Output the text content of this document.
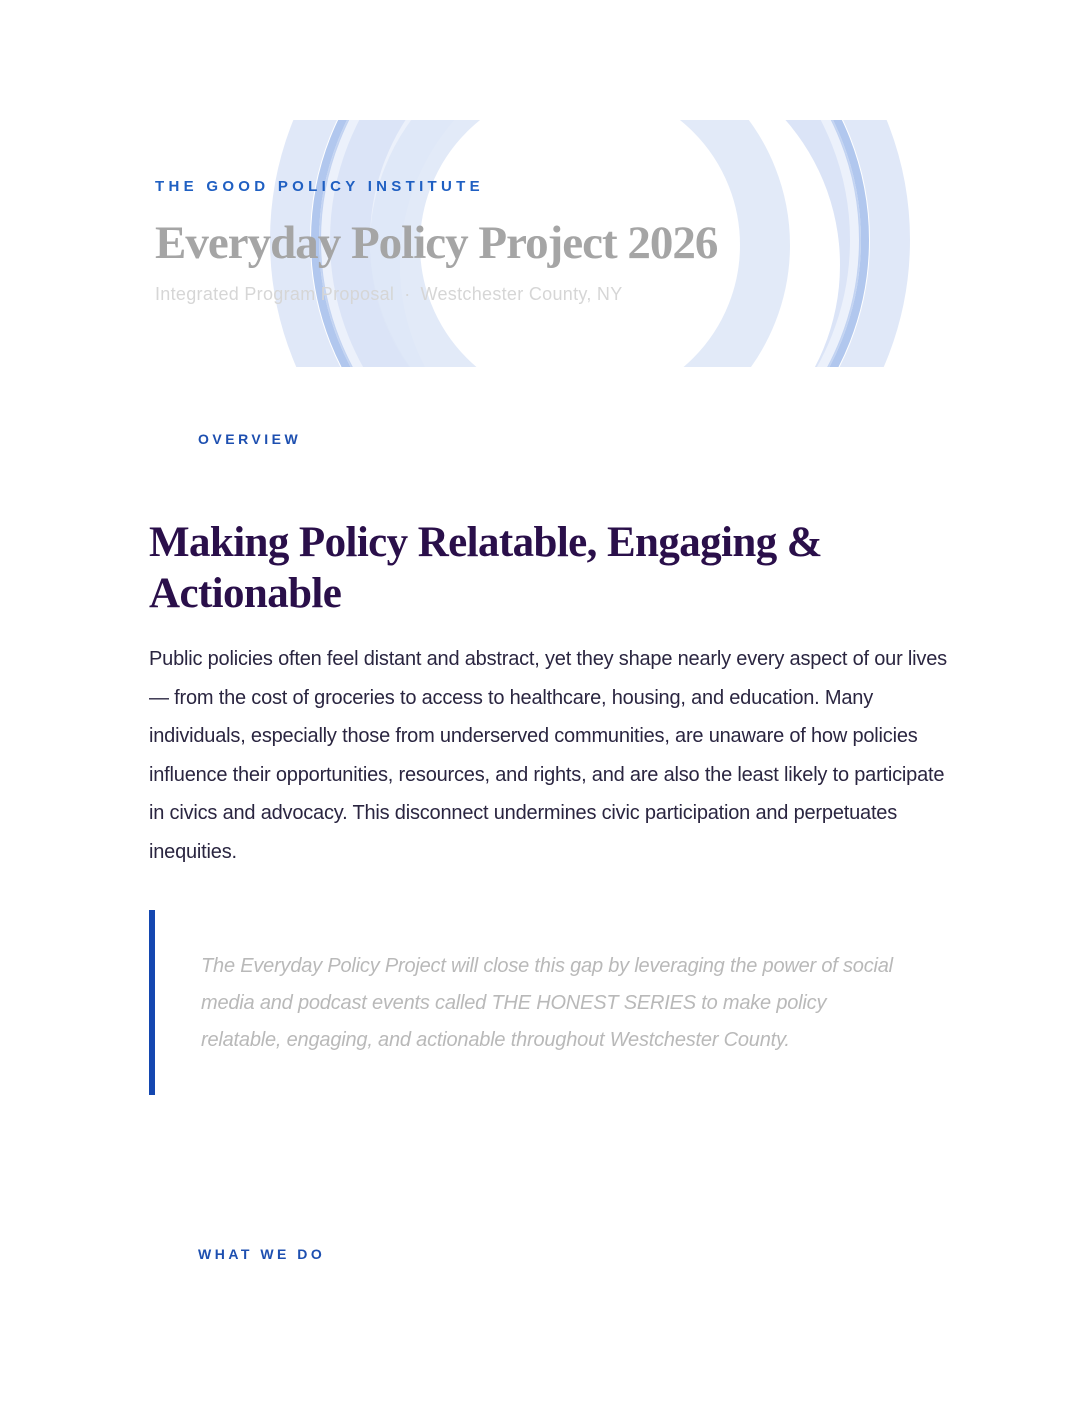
THE GOOD POLICY INSTITUTE
Everyday Policy Project 2026
Integrated Program Proposal · Westchester County, NY
OVERVIEW
Making Policy Relatable, Engaging & Actionable

Public policies often feel distant and abstract, yet they shape nearly every aspect of our lives — from the cost of groceries to access to healthcare, housing, and education. Many individuals, especially those from underserved communities, are unaware of how policies influence their opportunities, resources, and rights, and are also the least likely to participate in civics and advocacy. This disconnect undermines civic participation and perpetuates inequities.

The Everyday Policy Project will close this gap by leveraging the power of social media and podcast events called THE HONEST SERIES to make policy relatable, engaging, and actionable throughout Westchester County.

WHAT WE DO
